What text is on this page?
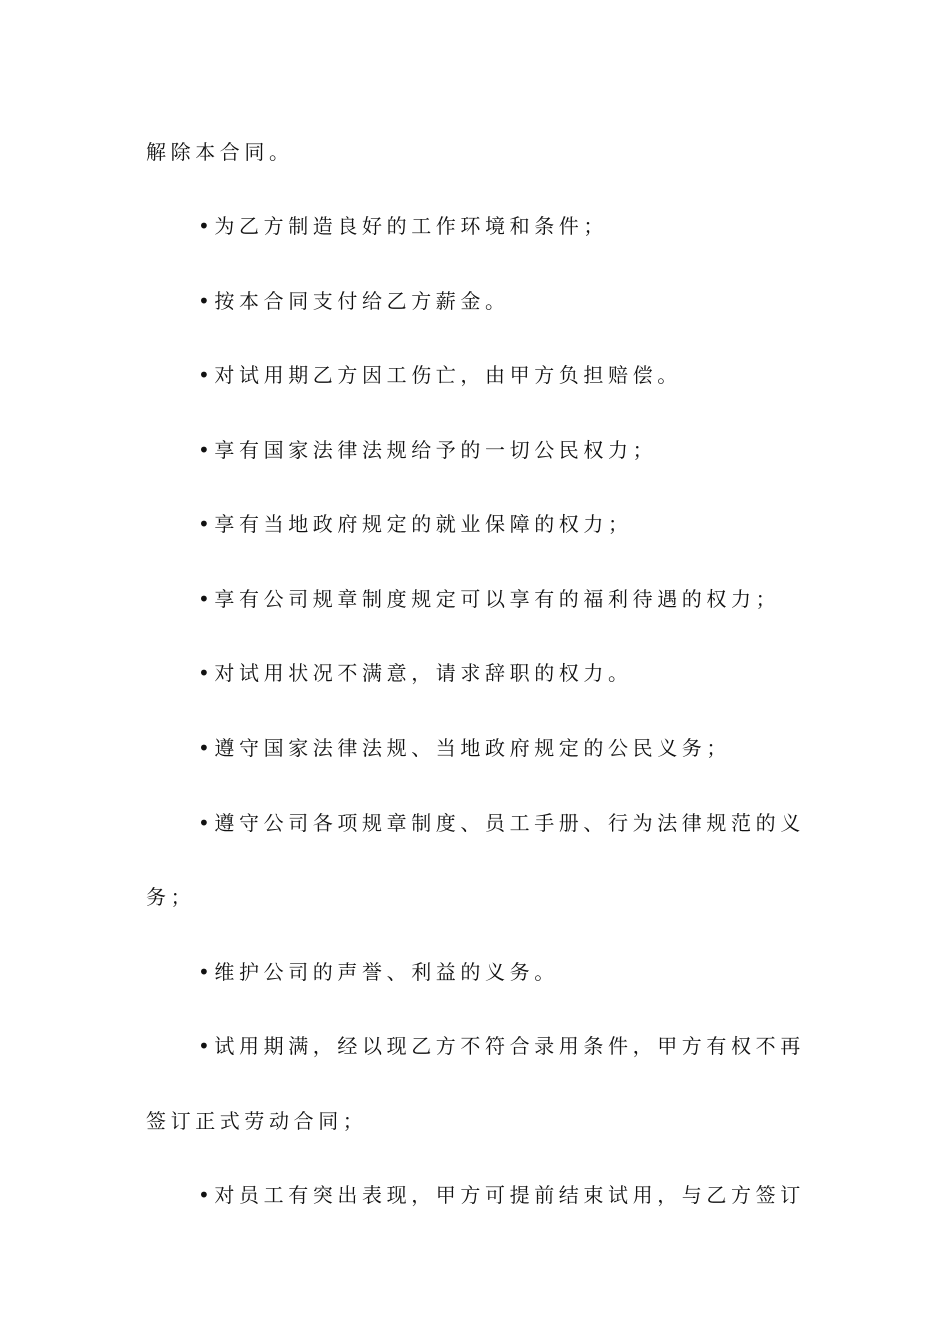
解除本合同。
•为乙方制造良好的工作环境和条件；
•按本合同支付给乙方薪金。
•对试用期乙方因工伤亡，由甲方负担赔偿。
•享有国家法律法规给予的一切公民权力；
•享有当地政府规定的就业保障的权力；
•享有公司规章制度规定可以享有的福利待遇的权力；
•对试用状况不满意，请求辞职的权力。
•遵守国家法律法规、当地政府规定的公民义务；
•遵守公司各项规章制度、员工手册、行为法律规范的义
务；
•维护公司的声誉、利益的义务。
•试用期满，经以现乙方不符合录用条件，甲方有权不再
签订正式劳动合同；
•对员工有突出表现，甲方可提前结束试用，与乙方签订
